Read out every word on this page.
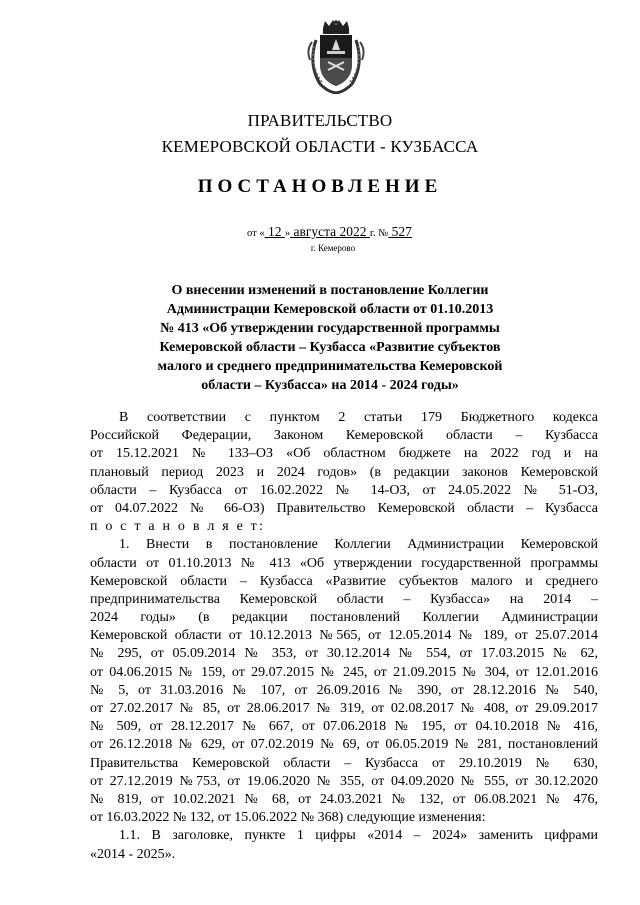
ПРАВИТЕЛЬСТВО
КЕМЕРОВСКОЙ ОБЛАСТИ - КУЗБАССА
ПОСТАНОВЛЕНИЕ
от « 12 » августа 2022 г. № 527
г. Кемерово
О внесении изменений в постановление Коллегии
Администрации Кемеровской области от 01.10.2013
№ 413 «Об утверждении государственной программы
Кемеровской области – Кузбасса «Развитие субъектов
малого и среднего предпринимательства Кемеровской
области – Кузбасса» на 2014 - 2024 годы»
В соответствии с пунктом 2 статьи 179 Бюджетного кодекса
Российской Федерации, Законом Кемеровской области – Кузбасса
от 15.12.2021 № 133–ОЗ «Об областном бюджете на 2022 год и на
плановый период 2023 и 2024 годов» (в редакции законов Кемеровской
области – Кузбасса от 16.02.2022 № 14-ОЗ, от 24.05.2022 № 51-ОЗ,
от 04.07.2022 № 66-ОЗ) Правительство Кемеровской области – Кузбасса
п о с т а н о в л я е т:
1. Внести в постановление Коллегии Администрации Кемеровской
области от 01.10.2013 № 413 «Об утверждении государственной программы
Кемеровской области – Кузбасса «Развитие субъектов малого и среднего
предпринимательства Кемеровской области – Кузбасса» на 2014 –
2024 годы» (в редакции постановлений Коллегии Администрации
Кемеровской области от 10.12.2013 №565, от 12.05.2014 № 189, от 25.07.2014
№ 295, от 05.09.2014 № 353, от 30.12.2014 № 554, от 17.03.2015 № 62,
от 04.06.2015 № 159, от 29.07.2015 № 245, от 21.09.2015 № 304, от 12.01.2016
№ 5, от 31.03.2016 № 107, от 26.09.2016 № 390, от 28.12.2016 № 540,
от 27.02.2017 № 85, от 28.06.2017 № 319, от 02.08.2017 № 408, от 29.09.2017
№ 509, от 28.12.2017 № 667, от 07.06.2018 № 195, от 04.10.2018 № 416,
от 26.12.2018 № 629, от 07.02.2019 № 69, от 06.05.2019 № 281, постановлений
Правительства Кемеровской области – Кузбасса от 29.10.2019 № 630,
от 27.12.2019 №753, от 19.06.2020 № 355, от 04.09.2020 № 555, от 30.12.2020
№ 819, от 10.02.2021 № 68, от 24.03.2021 № 132, от 06.08.2021 № 476,
от 16.03.2022 № 132, от 15.06.2022 № 368) следующие изменения:
1.1. В заголовке, пункте 1 цифры «2014 – 2024» заменить цифрами
«2014 - 2025».
